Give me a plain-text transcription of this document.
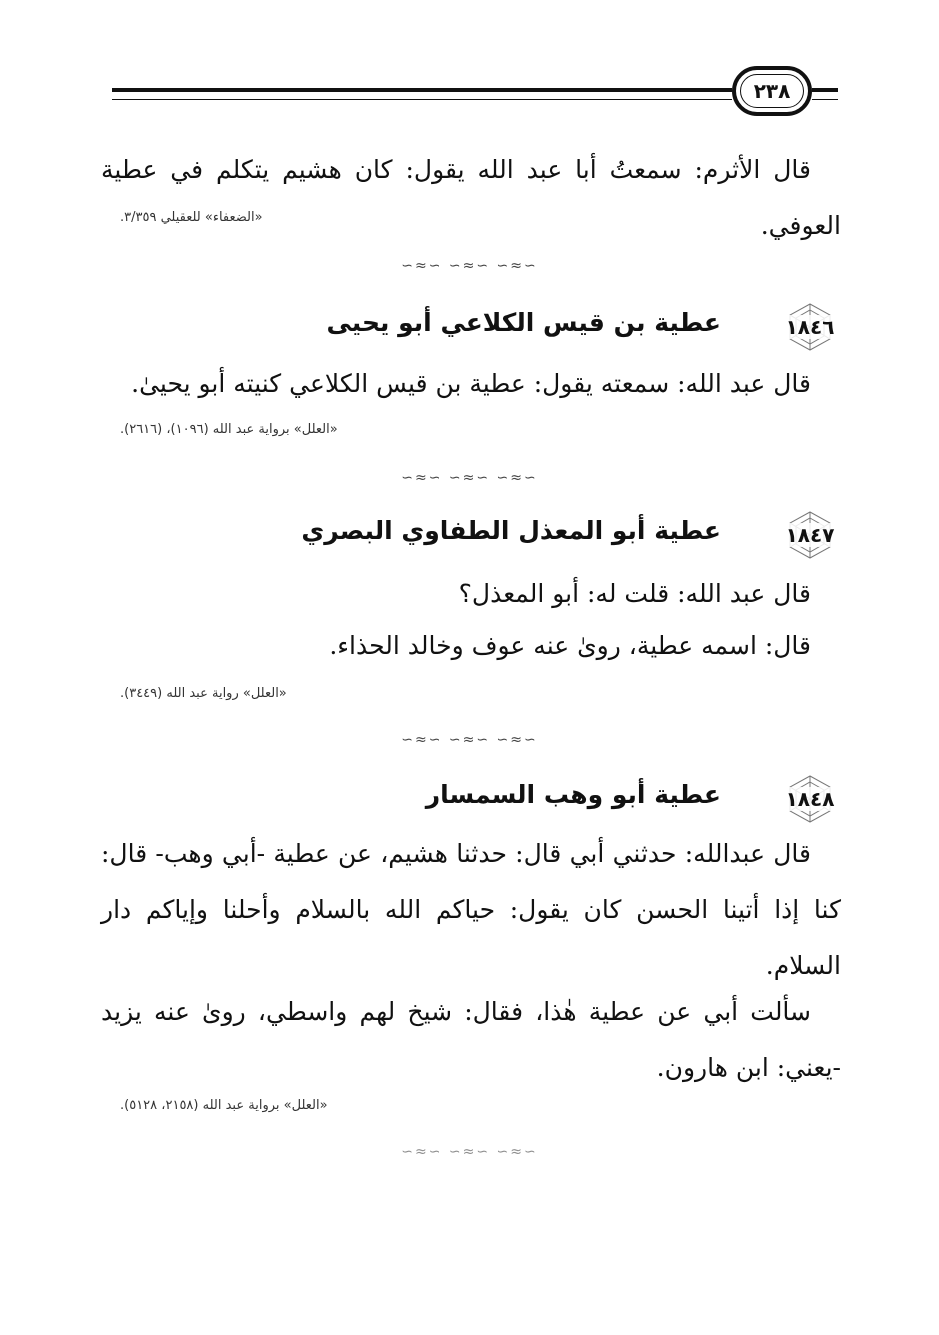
٢٣٨
قال الأثرم: سمعتُ أبا عبد الله يقول: كان هشيم يتكلم في عطية العوفي.
«الضعفاء» للعقيلي ٣/٣٥٩.
∽≈∽ ∽≈∽ ∽≈∽
١٨٤٦
عطية بن قيس الكلاعي أبو يحيى
قال عبد الله: سمعته يقول: عطية بن قيس الكلاعي كنيته أبو يحيىٰ.
«العلل» برواية عبد الله (١٠٩٦)، (٢٦١٦).
∽≈∽ ∽≈∽ ∽≈∽
١٨٤٧
عطية أبو المعذل الطفاوي البصري
قال عبد الله: قلت له: أبو المعذل؟
قال: اسمه عطية، روىٰ عنه عوف وخالد الحذاء.
«العلل» رواية عبد الله (٣٤٤٩).
∽≈∽ ∽≈∽ ∽≈∽
١٨٤٨
عطية أبو وهب السمسار
قال عبدالله: حدثني أبي قال: حدثنا هشيم، عن عطية -أبي وهب- قال: كنا إذا أتينا الحسن كان يقول: حياكم الله بالسلام وأحلنا وإياكم دار السلام.
سألت أبي عن عطية هٰذا، فقال: شيخ لهم واسطي، روىٰ عنه يزيد -يعني: ابن هارون.
«العلل» برواية عبد الله (٢١٥٨، ٥١٢٨).
∽≈∽ ∽≈∽ ∽≈∽
